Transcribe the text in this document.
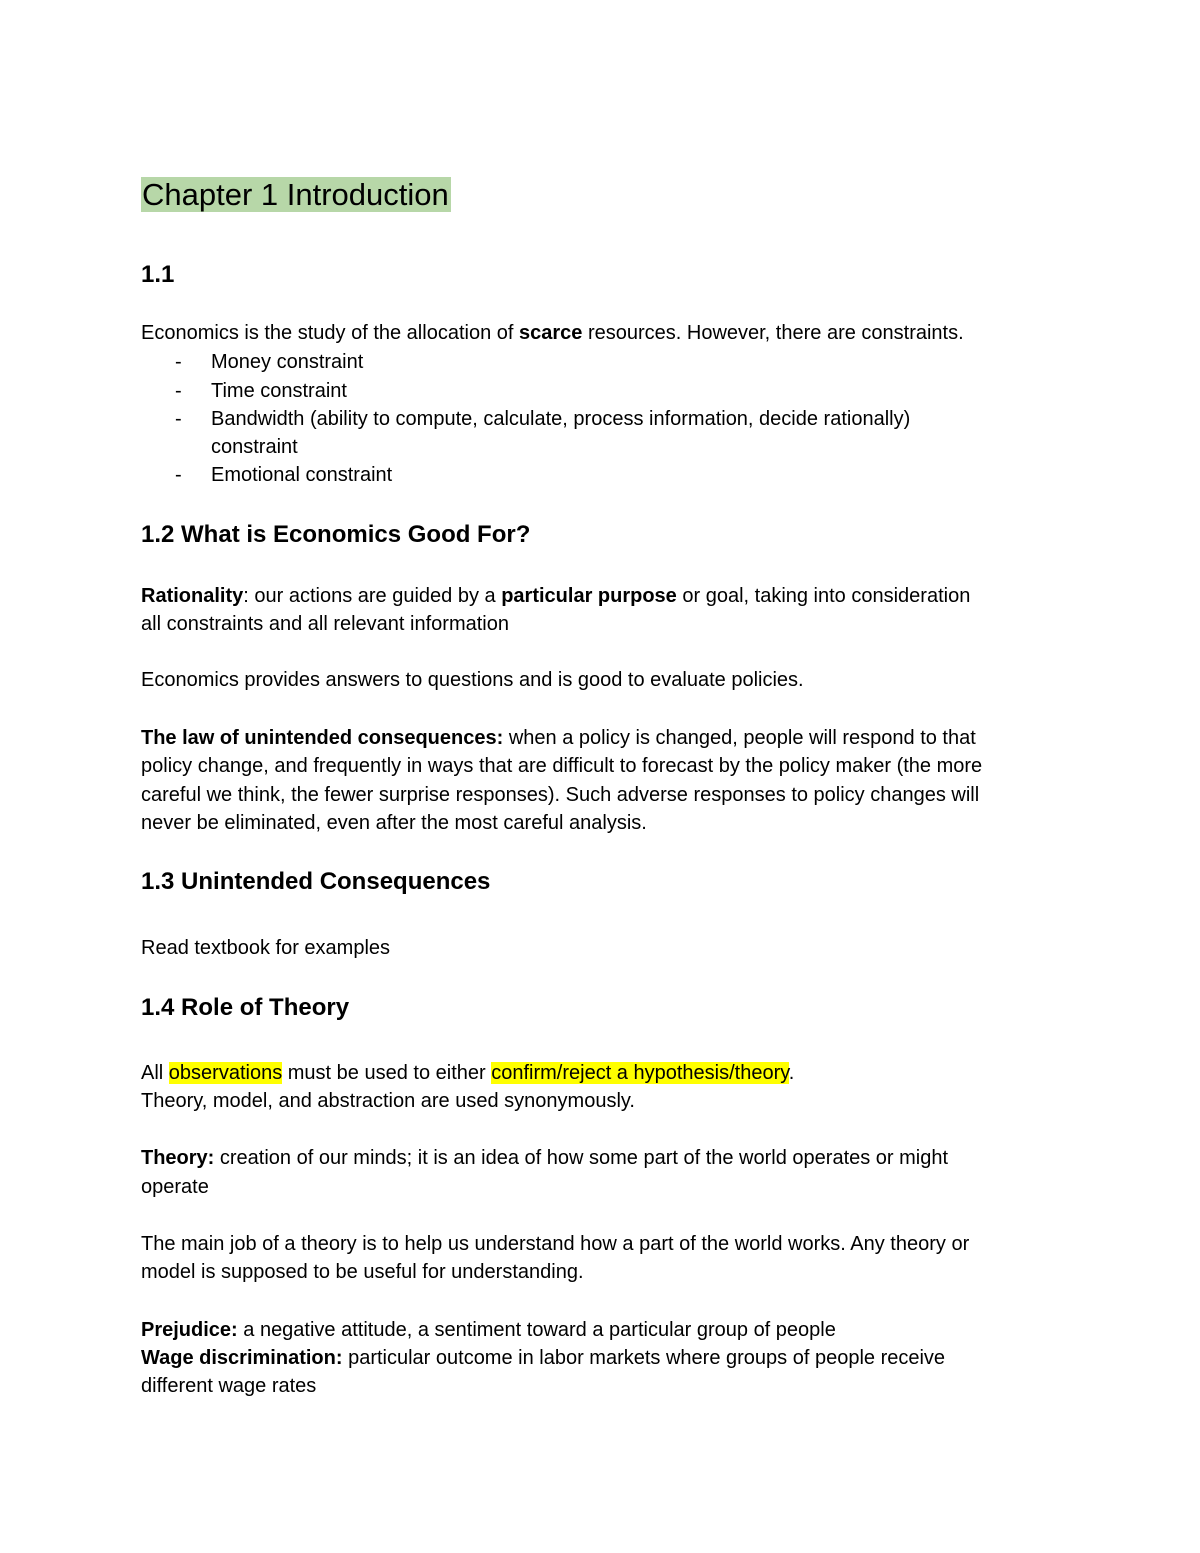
Chapter 1 Introduction
1.1
Economics is the study of the allocation of scarce resources. However, there are constraints.
- Money constraint
- Time constraint
- Bandwidth (ability to compute, calculate, process information, decide rationally)
constraint
- Emotional constraint
1.2 What is Economics Good For?
Rationality: our actions are guided by a particular purpose or goal, taking into consideration
all constraints and all relevant information
Economics provides answers to questions and is good to evaluate policies.
The law of unintended consequences: when a policy is changed, people will respond to that
policy change, and frequently in ways that are difficult to forecast by the policy maker (the more
careful we think, the fewer surprise responses). Such adverse responses to policy changes will
never be eliminated, even after the most careful analysis.
1.3 Unintended Consequences
Read textbook for examples
1.4 Role of Theory
All observations must be used to either confirm/reject a hypothesis/theory.
Theory, model, and abstraction are used synonymously.
Theory: creation of our minds; it is an idea of how some part of the world operates or might
operate
The main job of a theory is to help us understand how a part of the world works. Any theory or
model is supposed to be useful for understanding.
Prejudice: a negative attitude, a sentiment toward a particular group of people
Wage discrimination: particular outcome in labor markets where groups of people receive
different wage rates
